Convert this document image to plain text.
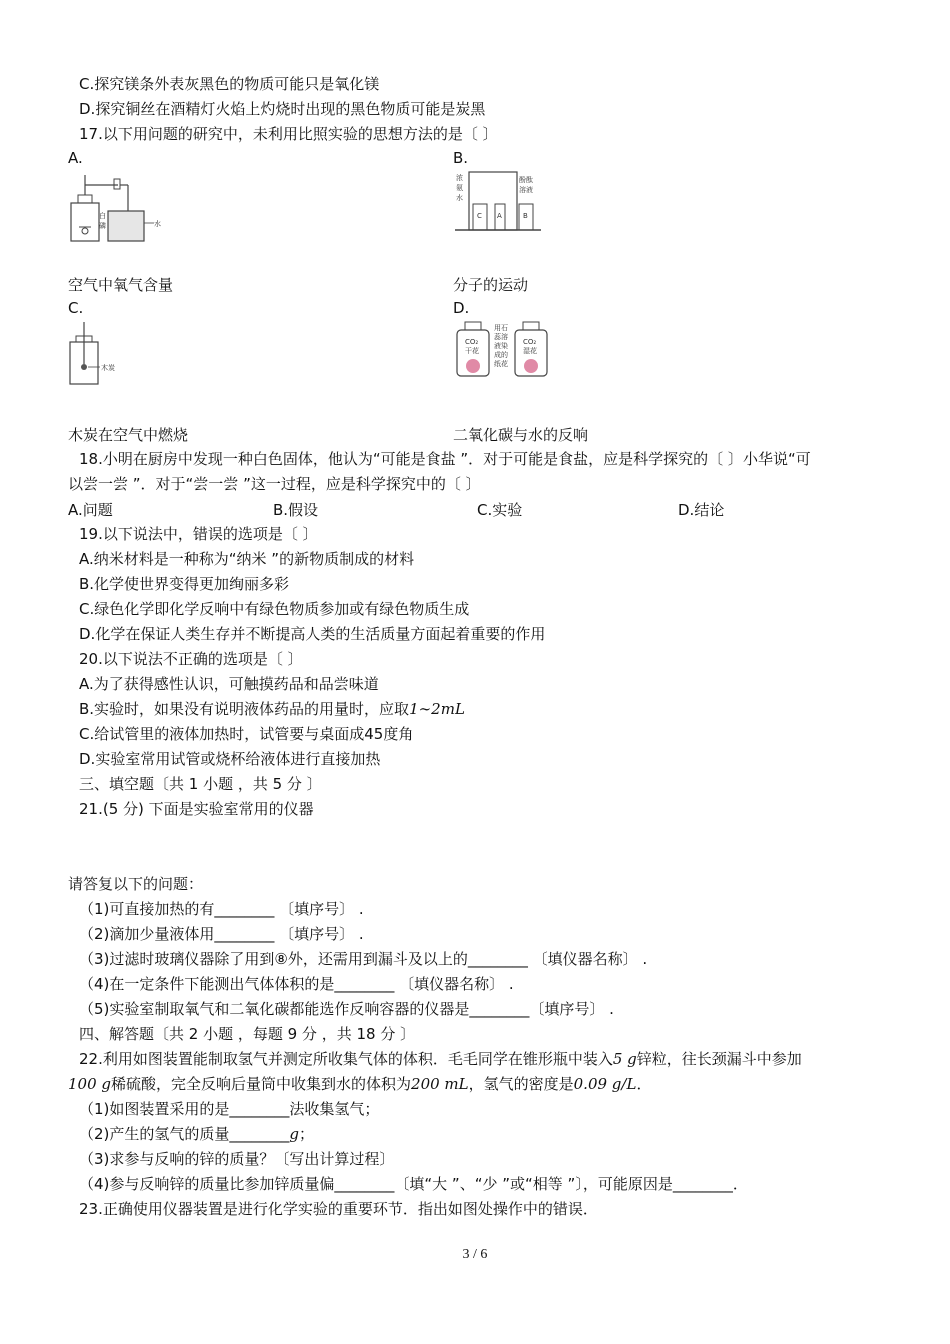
C.探究镁条外表灰黑色的物质可能只是氧化镁
D.探究铜丝在酒精灯火焰上灼烧时出现的黑色物质可能是炭黑
17.以下用问题的研究中，未利用比照实验的思想方法的是〔 〕
A.
白
磷	水
空气中氧气含量
B.
C A	B
浓
氨
水
酚酞
溶液
分子的运动
C.
木炭
木炭在空气中燃烧
D.
CO₂
干花
CO₂
湿花
用石
蕊溶
液染
成的
纸花
二氧化碳与水的反响
18.小明在厨房中发现一种白色固体，他认为“可能是食盐 ”．对于可能是食盐，应是科学探究的〔 〕小华说“可
以尝一尝 ”．对于“尝一尝 ”这一过程，应是科学探究中的〔 〕
A.问题	B.假设	C.实验	D.结论
19.以下说法中，错误的选项是〔 〕
A.纳米材料是一种称为“纳米 ”的新物质制成的材料
B.化学使世界变得更加绚丽多彩
C.绿色化学即化学反响中有绿色物质参加或有绿色物质生成
D.化学在保证人类生存并不断提高人类的生活质量方面起着重要的作用
20.以下说法不正确的选项是〔 〕
A.为了获得感性认识，可触摸药品和品尝味道
B.实验时，如果没有说明液体药品的用量时，应取1∼2mL
C.给试管里的液体加热时，试管要与桌面成45度角
D.实验室常用试管或烧杯给液体进行直接加热
三、填空题〔共 1 小题 ，共 5 分 〕
21.(5 分) 下面是实验室常用的仪器
请答复以下的问题：
（1)可直接加热的有________ 〔填序号〕 .
（2)滴加少量液体用________ 〔填序号〕 .
（3)过滤时玻璃仪器除了用到⑧外，还需用到漏斗及以上的________ 〔填仪器名称〕 .
（4)在一定条件下能测出气体体积的是________ 〔填仪器名称〕 .
（5)实验室制取氧气和二氧化碳都能选作反响容器的仪器是________〔填序号〕 .
四、解答题〔共 2 小题 ，每题 9 分 ，共 18 分 〕
22.利用如图装置能制取氢气并测定所收集气体的体积．毛毛同学在锥形瓶中装入5 g锌粒，往长颈漏斗中参加
100 g稀硫酸，完全反响后量筒中收集到水的体积为200 mL，氢气的密度是0.09 g/L．
（1)如图装置采用的是________法收集氢气；
（2)产生的氢气的质量________g；
（3)求参与反响的锌的质量？〔写出计算过程〕
（4)参与反响锌的质量比参加锌质量偏________〔填“大 ”、“少 ”或“相等 ”〕，可能原因是________．
23.正确使用仪器装置是进行化学实验的重要环节．指出如图处操作中的错误．
3 / 6
